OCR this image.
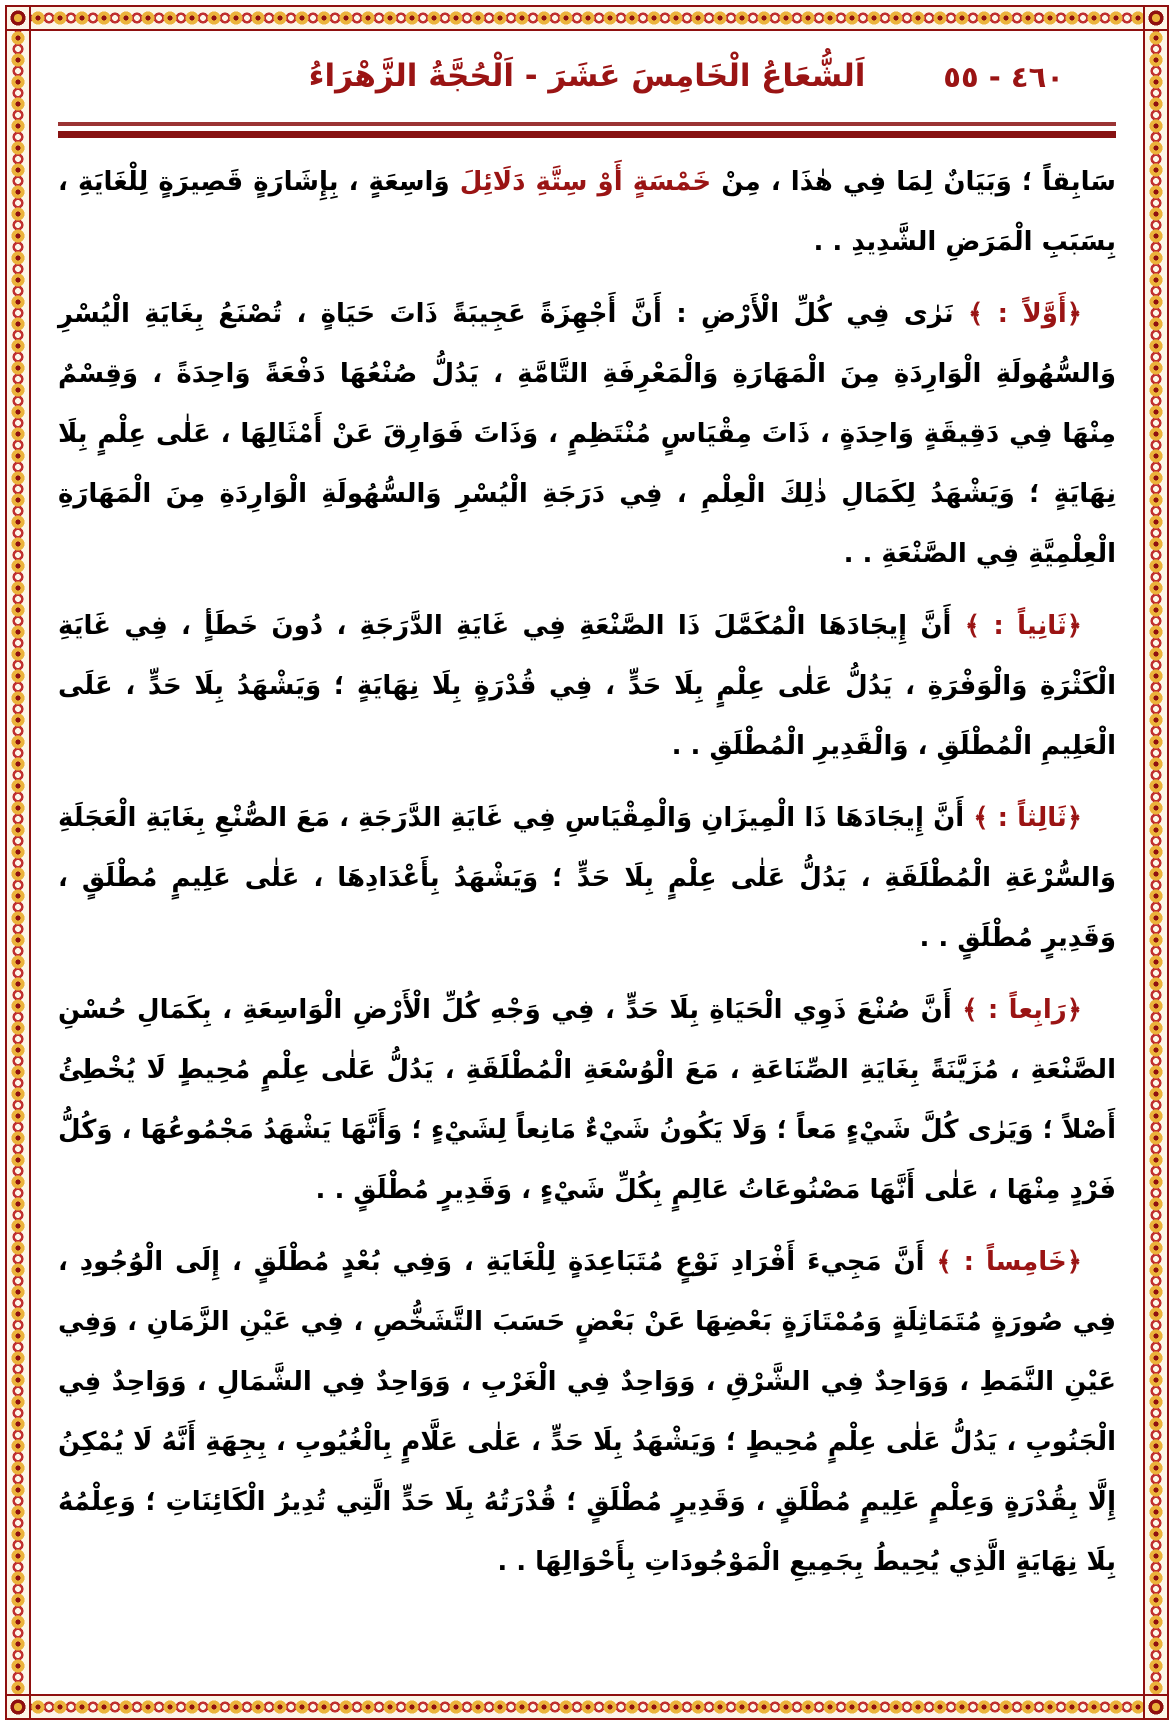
اَلشُّعَاعُ الْخَامِسَ عَشَرَ - اَلْحُجَّةُ الزَّهْرَاءُ	٤٦٠ - ٥٥

سَابِقاً ؛ وَبَيَانٌ لِمَا فِي هٰذَا ، مِنْ خَمْسَةٍ أَوْ سِتَّةِ دَلَائِلَ وَاسِعَةٍ ، بِإِشَارَةٍ قَصِيرَةٍ لِلْغَايَةِ ، بِسَبَبِ الْمَرَضِ الشَّدِيدِ . .

﴿أَوَّلاً : ﴾ نَرٰى فِي كُلِّ الْأَرْضِ : أَنَّ أَجْهِزَةً عَجِيبَةً ذَاتَ حَيَاةٍ ، تُصْنَعُ بِغَايَةِ الْيُسْرِ وَالسُّهُولَةِ الْوَارِدَةِ مِنَ الْمَهَارَةِ وَالْمَعْرِفَةِ التَّامَّةِ ، يَدُلُّ صُنْعُهَا دَفْعَةً وَاحِدَةً ، وَقِسْمٌ مِنْهَا فِي دَقِيقَةٍ وَاحِدَةٍ ، ذَاتَ مِقْيَاسٍ مُنْتَظِمٍ ، وَذَاتَ فَوَارِقَ عَنْ أَمْثَالِهَا ، عَلٰى عِلْمٍ بِلَا نِهَايَةٍ ؛ وَيَشْهَدُ لِكَمَالِ ذٰلِكَ الْعِلْمِ ، فِي دَرَجَةِ الْيُسْرِ وَالسُّهُولَةِ الْوَارِدَةِ مِنَ الْمَهَارَةِ الْعِلْمِيَّةِ فِي الصَّنْعَةِ . .

﴿ثَانِياً : ﴾ أَنَّ إِيجَادَهَا الْمُكَمَّلَ ذَا الصَّنْعَةِ فِي غَايَةِ الدَّرَجَةِ ، دُونَ خَطَأٍ ، فِي غَايَةِ الْكَثْرَةِ وَالْوَفْرَةِ ، يَدُلُّ عَلٰى عِلْمٍ بِلَا حَدٍّ ، فِي قُدْرَةٍ بِلَا نِهَايَةٍ ؛ وَيَشْهَدُ بِلَا حَدٍّ ، عَلَى الْعَلِيمِ الْمُطْلَقِ ، وَالْقَدِيرِ الْمُطْلَقِ . .

﴿ثَالِثاً : ﴾ أَنَّ إِيجَادَهَا ذَا الْمِيزَانِ وَالْمِقْيَاسِ فِي غَايَةِ الدَّرَجَةِ ، مَعَ الصُّنْعِ بِغَايَةِ الْعَجَلَةِ وَالسُّرْعَةِ الْمُطْلَقَةِ ، يَدُلُّ عَلٰى عِلْمٍ بِلَا حَدٍّ ؛ وَيَشْهَدُ بِأَعْدَادِهَا ، عَلٰى عَلِيمٍ مُطْلَقٍ ، وَقَدِيرٍ مُطْلَقٍ . .

﴿رَابِعاً : ﴾ أَنَّ صُنْعَ ذَوِي الْحَيَاةِ بِلَا حَدٍّ ، فِي وَجْهِ كُلِّ الْأَرْضِ الْوَاسِعَةِ ، بِكَمَالِ حُسْنِ الصَّنْعَةِ ، مُزَيَّنَةً بِغَايَةِ الصِّنَاعَةِ ، مَعَ الْوُسْعَةِ الْمُطْلَقَةِ ، يَدُلُّ عَلٰى عِلْمٍ مُحِيطٍ لَا يُخْطِئُ أَصْلاً ؛ وَيَرٰى كُلَّ شَيْءٍ مَعاً ؛ وَلَا يَكُونُ شَيْءٌ مَانِعاً لِشَيْءٍ ؛ وَأَنَّهَا يَشْهَدُ مَجْمُوعُهَا ، وَكُلُّ فَرْدٍ مِنْهَا ، عَلٰى أَنَّهَا مَصْنُوعَاتُ عَالِمٍ بِكُلِّ شَيْءٍ ، وَقَدِيرٍ مُطْلَقٍ . .

﴿خَامِساً : ﴾ أَنَّ مَجِيءَ أَفْرَادِ نَوْعٍ مُتَبَاعِدَةٍ لِلْغَايَةِ ، وَفِي بُعْدٍ مُطْلَقٍ ، إِلَى الْوُجُودِ ، فِي صُورَةٍ مُتَمَاثِلَةٍ وَمُمْتَازَةٍ بَعْضِهَا عَنْ بَعْضٍ حَسَبَ التَّشَخُّصِ ، فِي عَيْنِ الزَّمَانِ ، وَفِي عَيْنِ النَّمَطِ ، وَوَاحِدٌ فِي الشَّرْقِ ، وَوَاحِدٌ فِي الْغَرْبِ ، وَوَاحِدٌ فِي الشَّمَالِ ، وَوَاحِدٌ فِي الْجَنُوبِ ، يَدُلُّ عَلٰى عِلْمٍ مُحِيطٍ ؛ وَيَشْهَدُ بِلَا حَدٍّ ، عَلٰى عَلَّامٍ بِالْغُيُوبِ ، بِجِهَةِ أَنَّهُ لَا يُمْكِنُ إِلَّا بِقُدْرَةٍ وَعِلْمٍ عَلِيمٍ مُطْلَقٍ ، وَقَدِيرٍ مُطْلَقٍ ؛ قُدْرَتُهُ بِلَا حَدٍّ الَّتِي تُدِيرُ الْكَائِنَاتِ ؛ وَعِلْمُهُ بِلَا نِهَايَةٍ الَّذِي يُحِيطُ بِجَمِيعِ الْمَوْجُودَاتِ بِأَحْوَالِهَا . .
